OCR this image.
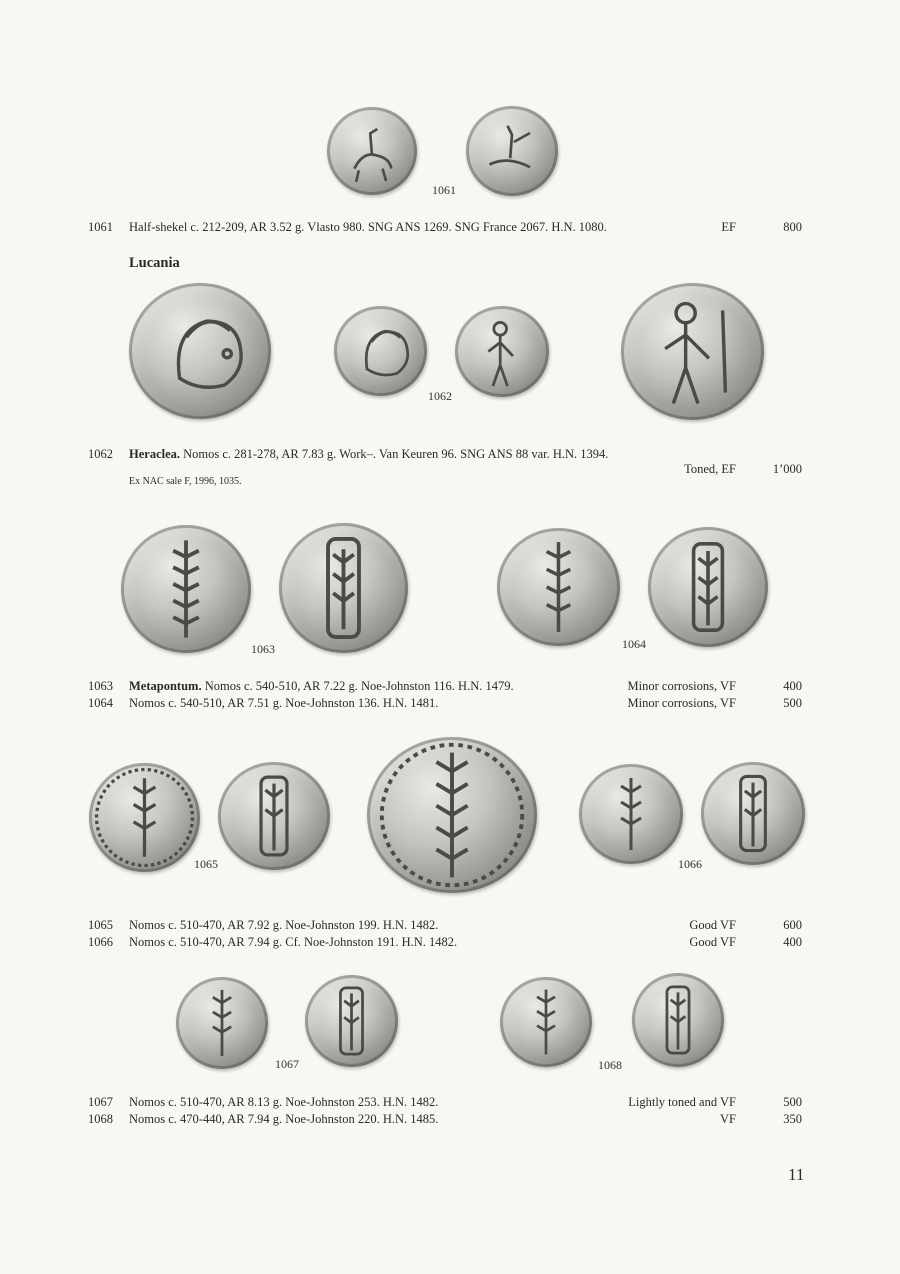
1061
1061 Half-shekel c. 212-209, AR 3.52 g. Vlasto 980. SNG ANS 1269. SNG France 2067. H.N. 1080.	EF	800
Lucania
1062
1062 Heraclea. Nomos c. 281-278, AR 7.83 g. Work–. Van Keuren 96. SNG ANS 88 var. H.N. 1394.
Toned, EF	1’000
Ex NAC sale F, 1996, 1035.
1063	1064
1063 Metapontum. Nomos c. 540-510, AR 7.22 g. Noe-Johnston 116. H.N. 1479.	Minor corrosions, VF	400
1064 Nomos c. 540-510, AR 7.51 g. Noe-Johnston 136. H.N. 1481.	Minor corrosions, VF	500
1065	1066
1065 Nomos c. 510-470, AR 7.92 g. Noe-Johnston 199. H.N. 1482.	Good VF	600
1066 Nomos c. 510-470, AR 7.94 g. Cf. Noe-Johnston 191. H.N. 1482.	Good VF	400
1067	1068
1067 Nomos c. 510-470, AR 8.13 g. Noe-Johnston 253. H.N. 1482.	Lightly toned and VF	500
1068 Nomos c. 470-440, AR 7.94 g. Noe-Johnston 220. H.N. 1485.	VF	350
11
